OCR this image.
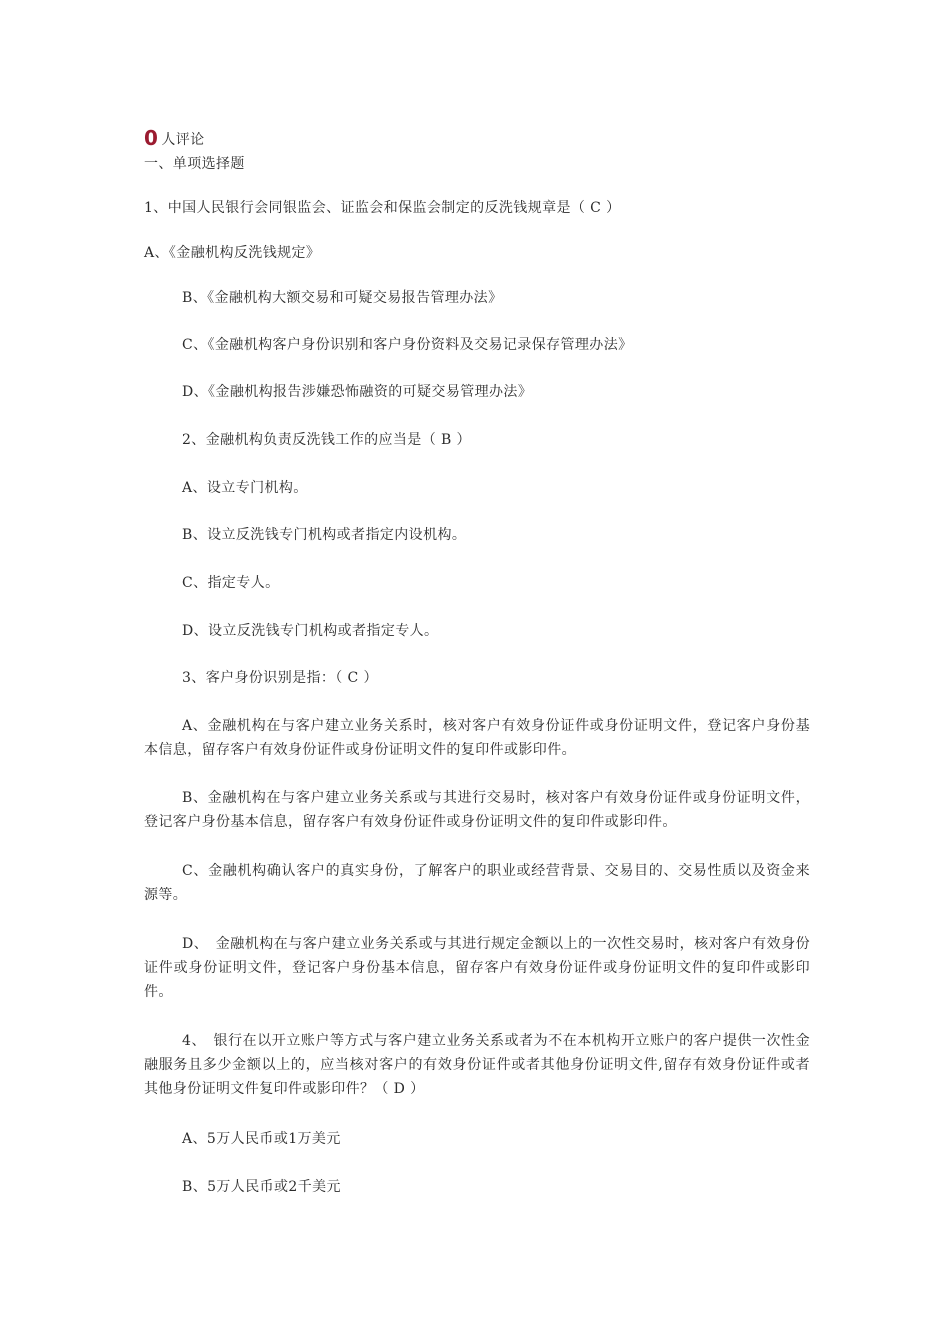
0 人评论
一、单项选择题
1、中国人民银行会同银监会、证监会和保监会制定的反洗钱规章是（ C ）
A、《金融机构反洗钱规定》
B、《金融机构大额交易和可疑交易报告管理办法》
C、《金融机构客户身份识别和客户身份资料及交易记录保存管理办法》
D、《金融机构报告涉嫌恐怖融资的可疑交易管理办法》
2、金融机构负责反洗钱工作的应当是（ B ）
A、设立专门机构。
B、设立反洗钱专门机构或者指定内设机构。
C、指定专人。
D、设立反洗钱专门机构或者指定专人。
3、客户身份识别是指：（ C ）
A、金融机构在与客户建立业务关系时，核对客户有效身份证件或身份证明文件，登记客户身份基本信息，留存客户有效身份证件或身份证明文件的复印件或影印件。
B、金融机构在与客户建立业务关系或与其进行交易时，核对客户有效身份证件或身份证明文件，登记客户身份基本信息，留存客户有效身份证件或身份证明文件的复印件或影印件。
C、金融机构确认客户的真实身份，了解客户的职业或经营背景、交易目的、交易性质以及资金来源等。
D、　金融机构在与客户建立业务关系或与其进行规定金额以上的一次性交易时，核对客户有效身份证件或身份证明文件，登记客户身份基本信息，留存客户有效身份证件或身份证明文件的复印件或影印件。
4、　银行在以开立账户等方式与客户建立业务关系或者为不在本机构开立账户的客户提供一次性金融服务且多少金额以上的，应当核对客户的有效身份证件或者其他身份证明文件,留存有效身份证件或者其他身份证明文件复印件或影印件？（ D ）
A、5万人民币或1万美元
B、5万人民币或2千美元
